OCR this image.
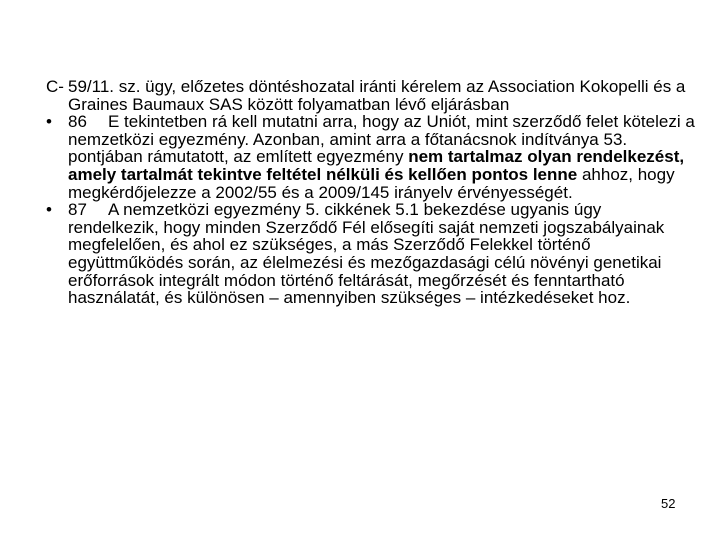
C‑ 59/11. sz. ügy, előzetes döntéshozatal iránti kérelem az Association Kokopelli és a Graines Baumaux SAS között folyamatban lévő eljárásban

• 86 E tekintetben rá kell mutatni arra, hogy az Uniót, mint szerződő felet kötelezi a nemzetközi egyezmény. Azonban, amint arra a főtanácsnok indítványa 53. pontjában rámutatott, az említett egyezmény nem tartalmaz olyan rendelkezést, amely tartalmát tekintve feltétel nélküli és kellően pontos lenne ahhoz, hogy megkérdőjelezze a 2002/55 és a 2009/145 irányelv érvényességét.

• 87 A nemzetközi egyezmény 5. cikkének 5.1 bekezdése ugyanis úgy rendelkezik, hogy minden Szerződő Fél elősegíti saját nemzeti jogszabályainak megfelelően, és ahol ez szükséges, a más Szerződő Felekkel történő együttműködés során, az élelmezési és mezőgazdasági célú növényi genetikai erőforrások integrált módon történő feltárását, megőrzését és fenntartható használatát, és különösen – amennyiben szükséges – intézkedéseket hoz.

52
